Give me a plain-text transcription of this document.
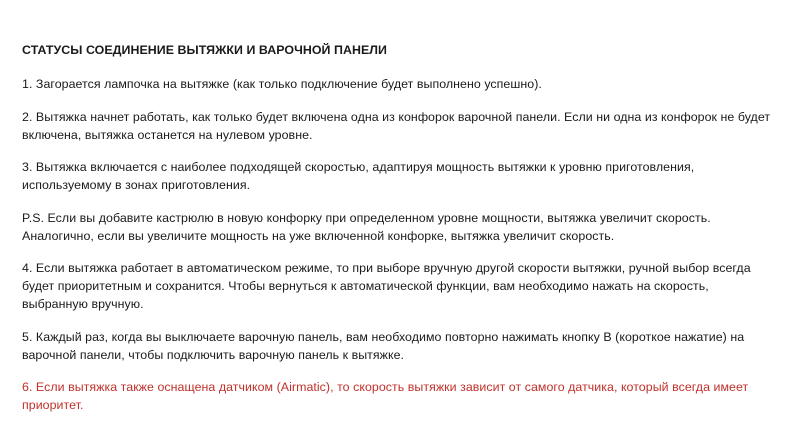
СТАТУСЫ СОЕДИНЕНИЕ ВЫТЯЖКИ И ВАРОЧНОЙ ПАНЕЛИ
1. Загорается лампочка на вытяжке (как только подключение будет выполнено успешно).
2. Вытяжка начнет работать, как только будет включена одна из конфорок варочной панели. Если ни одна из конфорок не будет включена, вытяжка останется на нулевом уровне.
3. Вытяжка включается с наиболее подходящей скоростью, адаптируя мощность вытяжки к уровню приготовления, используемому в зонах приготовления.
P.S. Если вы добавите кастрюлю в новую конфорку при определенном уровне мощности, вытяжка увеличит скорость. Аналогично, если вы увеличите мощность на уже включенной конфорке, вытяжка увеличит скорость.
4. Если вытяжка работает в автоматическом режиме, то при выборе вручную другой скорости вытяжки, ручной выбор всегда будет приоритетным и сохранится. Чтобы вернуться к автоматической функции, вам необходимо нажать на скорость, выбранную вручную.
5. Каждый раз, когда вы выключаете варочную панель, вам необходимо повторно нажимать кнопку B (короткое нажатие) на варочной панели, чтобы подключить варочную панель к вытяжке.
6. Если вытяжка также оснащена датчиком (Airmatic), то скорость вытяжки зависит от самого датчика, который всегда имеет приоритет.
